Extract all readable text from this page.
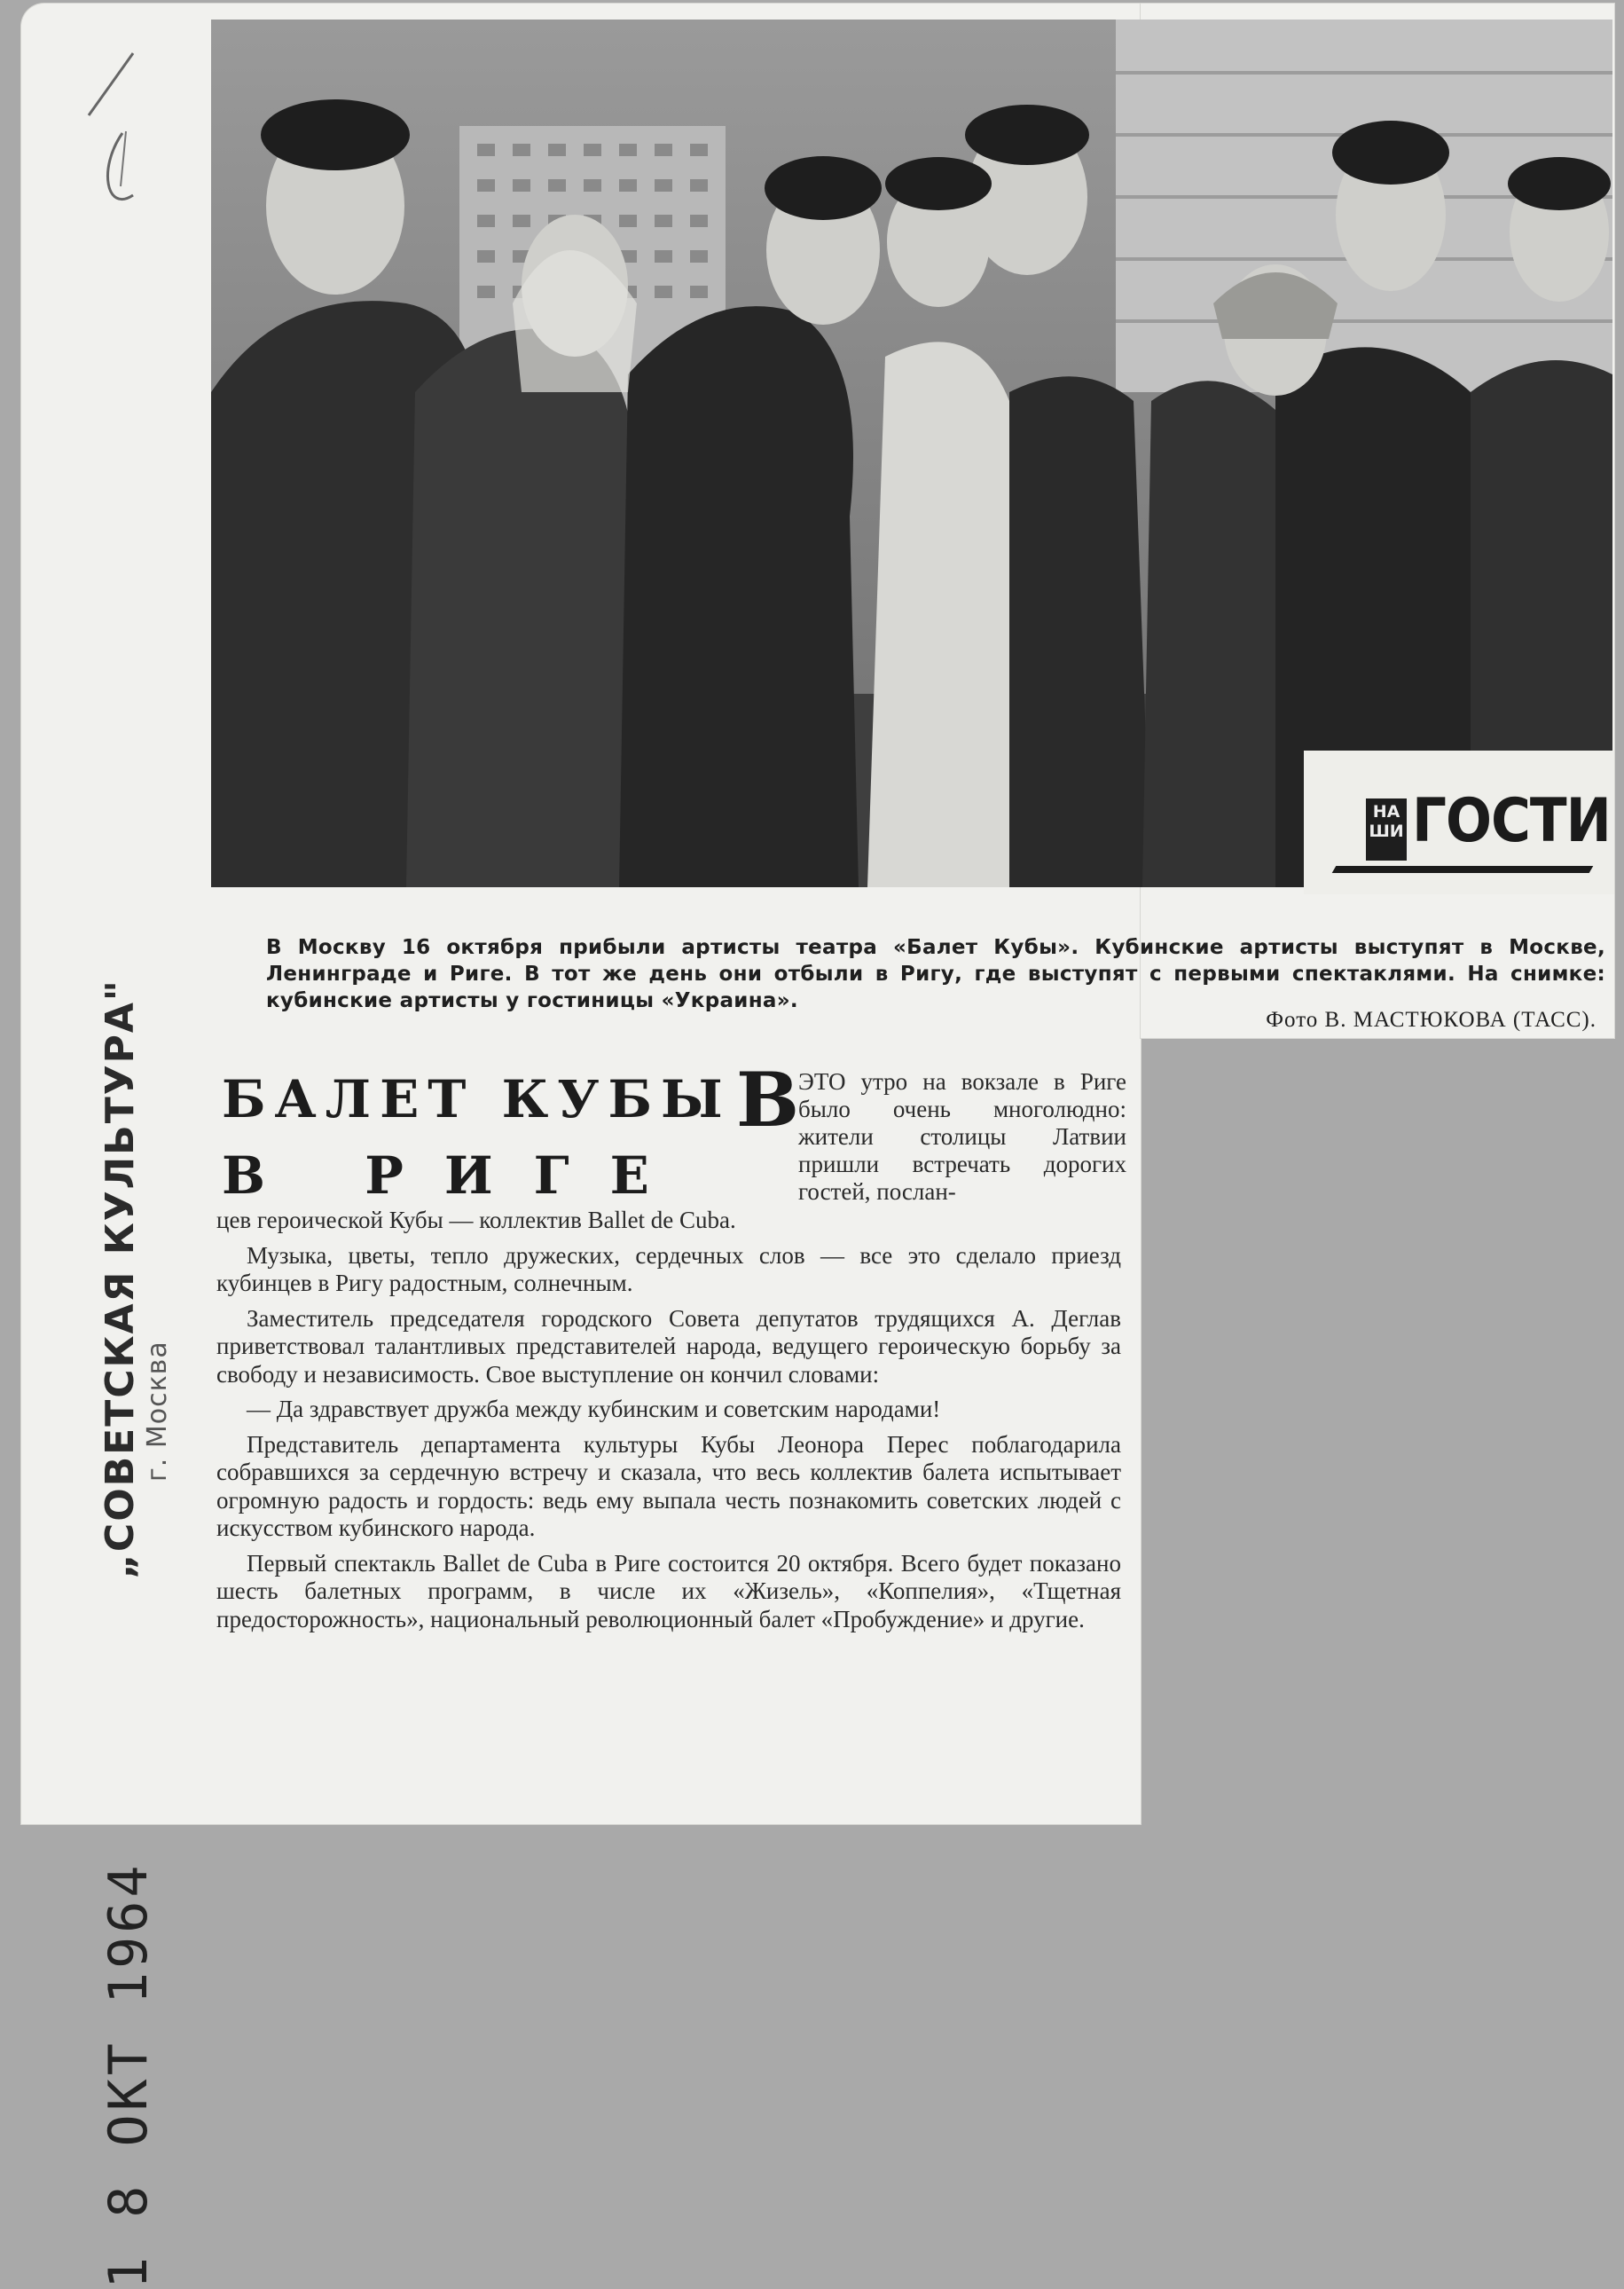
„СОВЕТСКАЯ КУЛЬТУРА" г. Москва
1 8 ОКТ 1964
НАШИ ГОСТИ
В Москву 16 октября прибыли артисты театра «Балет Кубы». Кубинские артисты выступят в Москве, Ленинграде и Риге. В тот же день они отбыли в Ригу, где выступят с первыми спектаклями. На снимке: кубинские артисты у гостиницы «Украина».
Фото В. МАСТЮКОВА (ТАСС).
БАЛЕТ КУБЫ
В РИГЕ
В ЭТО утро на вокзале в Риге было очень многолюдно: жители столицы Латвии пришли встречать дорогих гостей, послан-

цев героической Кубы — коллектив Ballet de Cuba.

Музыка, цветы, тепло дружеских, сердечных слов — все это сделало приезд кубинцев в Ригу радостным, солнечным.

Заместитель председателя городского Совета депутатов трудящихся А. Деглав приветствовал талантливых представителей народа, ведущего героическую борьбу за свободу и независимость. Свое выступление он кончил словами:

— Да здравствует дружба между кубинским и советским народами!

Представитель департамента культуры Кубы Леонора Перес поблагодарила собравшихся за сердечную встречу и сказала, что весь коллектив балета испытывает огромную радость и гордость: ведь ему выпала честь познакомить советских людей с искусством кубинского народа.

Первый спектакль Ballet de Cuba в Риге состоится 20 октября. Всего будет показано шесть балетных программ, в числе их «Жизель», «Коппелия», «Тщетная предосторожность», национальный революционный балет «Пробуждение» и другие.
